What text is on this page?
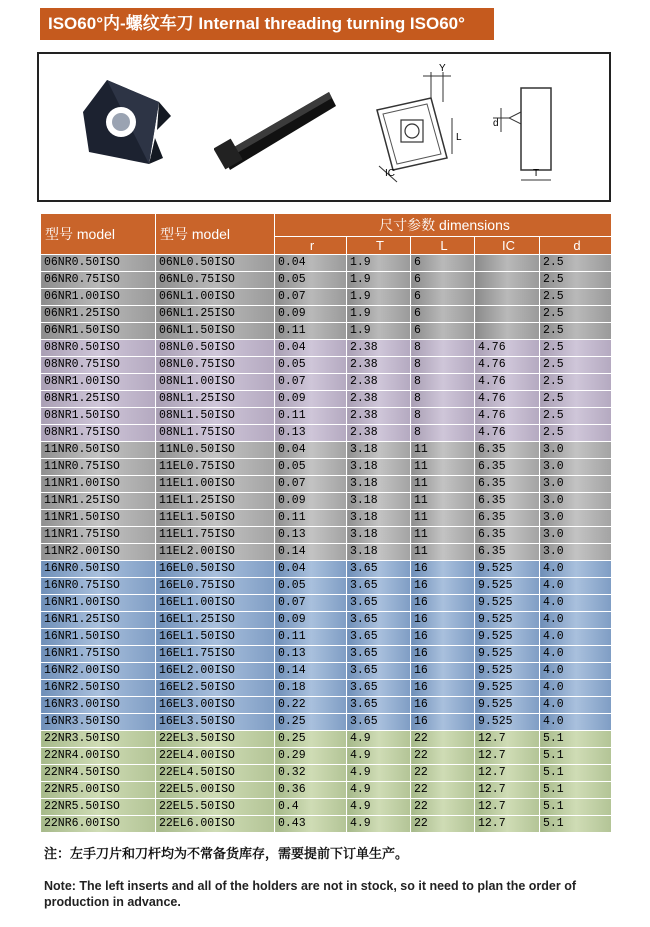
ISO60°内-螺纹车刀 Internal threading turning ISO60°
Y
L
IC
d
T
型号 model	型号 model	尺寸参数 dimensions				
		r	T	L	IC	d
06NR0.50ISO	06NL0.50ISO	0.04	1.9	6		2.5
06NR0.75ISO	06NL0.75ISO	0.05	1.9	6		2.5
06NR1.00ISO	06NL1.00ISO	0.07	1.9	6		2.5
06NR1.25ISO	06NL1.25ISO	0.09	1.9	6		2.5
06NR1.50ISO	06NL1.50ISO	0.11	1.9	6		2.5
08NR0.50ISO	08NL0.50ISO	0.04	2.38	8	4.76	2.5
08NR0.75ISO	08NL0.75ISO	0.05	2.38	8	4.76	2.5
08NR1.00ISO	08NL1.00ISO	0.07	2.38	8	4.76	2.5
08NR1.25ISO	08NL1.25ISO	0.09	2.38	8	4.76	2.5
08NR1.50ISO	08NL1.50ISO	0.11	2.38	8	4.76	2.5
08NR1.75ISO	08NL1.75ISO	0.13	2.38	8	4.76	2.5
11NR0.50ISO	11NL0.50ISO	0.04	3.18	11	6.35	3.0
11NR0.75ISO	11EL0.75ISO	0.05	3.18	11	6.35	3.0
11NR1.00ISO	11EL1.00ISO	0.07	3.18	11	6.35	3.0
11NR1.25ISO	11EL1.25ISO	0.09	3.18	11	6.35	3.0
11NR1.50ISO	11EL1.50ISO	0.11	3.18	11	6.35	3.0
11NR1.75ISO	11EL1.75ISO	0.13	3.18	11	6.35	3.0
11NR2.00ISO	11EL2.00ISO	0.14	3.18	11	6.35	3.0
16NR0.50ISO	16EL0.50ISO	0.04	3.65	16	9.525	4.0
16NR0.75ISO	16EL0.75ISO	0.05	3.65	16	9.525	4.0
16NR1.00ISO	16EL1.00ISO	0.07	3.65	16	9.525	4.0
16NR1.25ISO	16EL1.25ISO	0.09	3.65	16	9.525	4.0
16NR1.50ISO	16EL1.50ISO	0.11	3.65	16	9.525	4.0
16NR1.75ISO	16EL1.75ISO	0.13	3.65	16	9.525	4.0
16NR2.00ISO	16EL2.00ISO	0.14	3.65	16	9.525	4.0
16NR2.50ISO	16EL2.50ISO	0.18	3.65	16	9.525	4.0
16NR3.00ISO	16EL3.00ISO	0.22	3.65	16	9.525	4.0
16NR3.50ISO	16EL3.50ISO	0.25	3.65	16	9.525	4.0
22NR3.50ISO	22EL3.50ISO	0.25	4.9	22	12.7	5.1
22NR4.00ISO	22EL4.00ISO	0.29	4.9	22	12.7	5.1
22NR4.50ISO	22EL4.50ISO	0.32	4.9	22	12.7	5.1
22NR5.00ISO	22EL5.00ISO	0.36	4.9	22	12.7	5.1
22NR5.50ISO	22EL5.50ISO	0.4	4.9	22	12.7	5.1
22NR6.00ISO	22EL6.00ISO	0.43	4.9	22	12.7	5.1
注：左手刀片和刀杆均为不常备货库存，需要提前下订单生产。
Note: The left inserts and all of the holders are not in stock, so it need to plan the order of production in advance.
